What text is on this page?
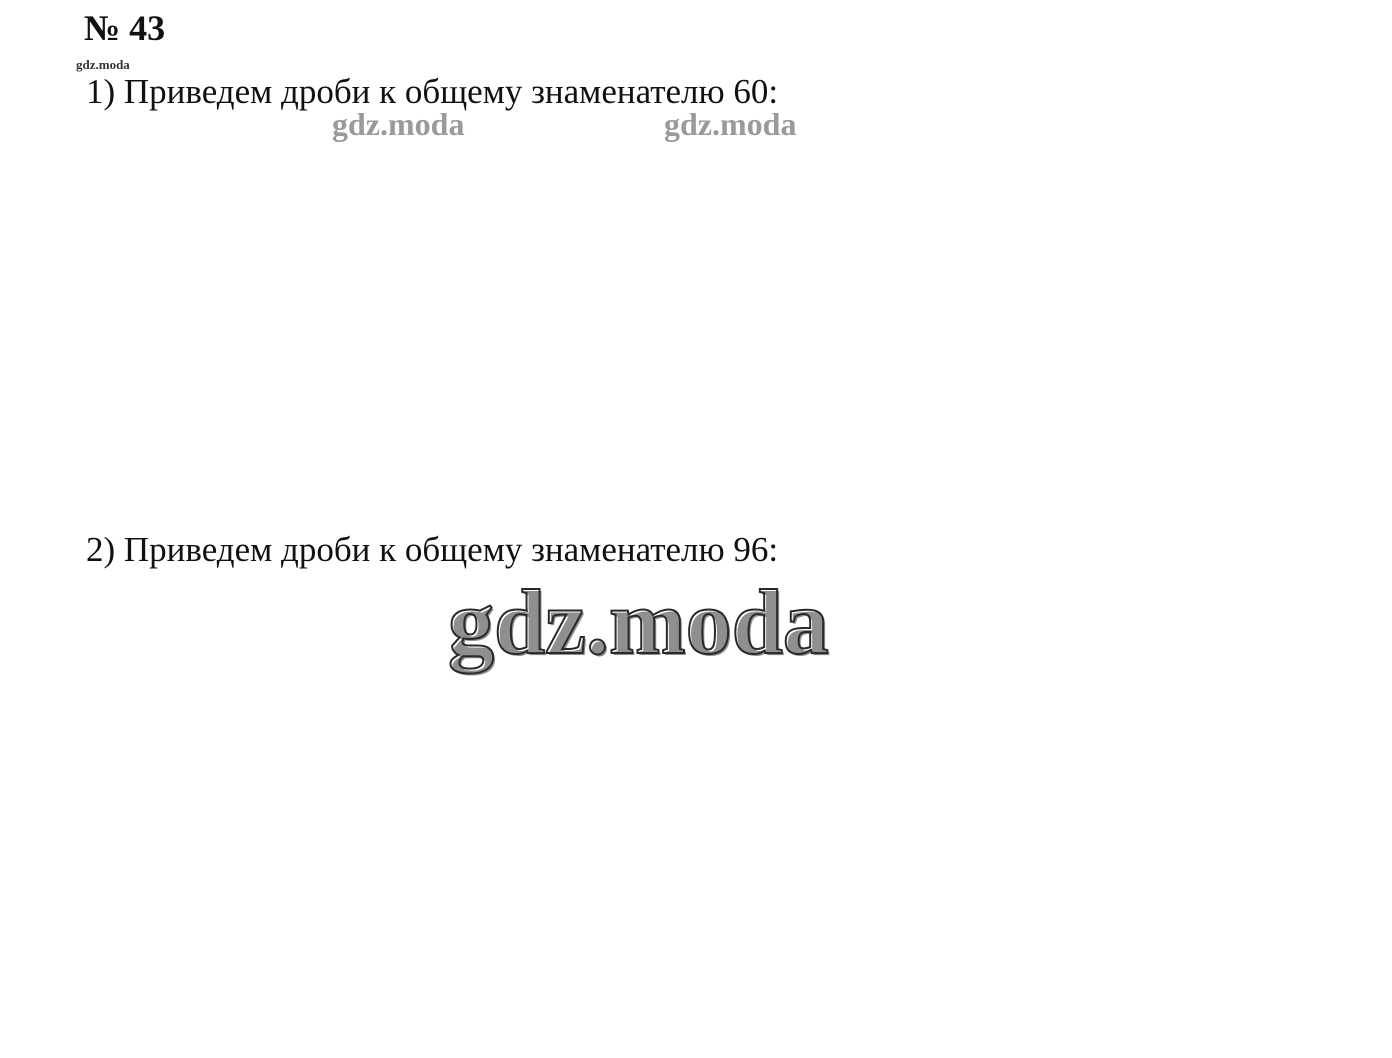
№ 43
gdz.moda
1) Приведем дроби к общему знаменателю 60:
gdz.moda	gdz.moda
2) Приведем дроби к общему знаменателю 96:
gdz.moda
